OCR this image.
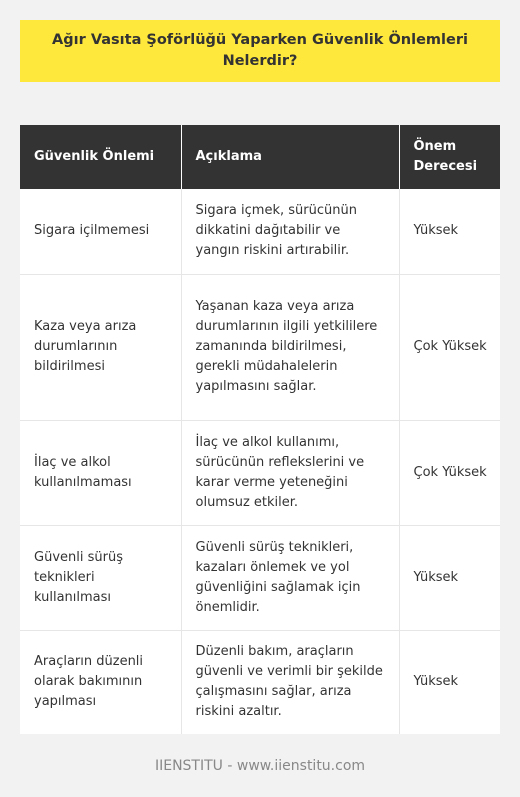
Ağır Vasıta Şoförlüğü Yaparken Güvenlik Önlemleri Nelerdir?
Güvenlik Önlemi	Açıklama	Önem Derecesi
Sigara içilmemesi	Sigara içmek, sürücünün dikkatini dağıtabilir ve yangın riskini artırabilir.	Yüksek
Kaza veya arıza durumlarının bildirilmesi	Yaşanan kaza veya arıza durumlarının ilgili yetkililere zamanında bildirilmesi, gerekli müdahalelerin yapılmasını sağlar.	Çok Yüksek
İlaç ve alkol kullanılmaması	İlaç ve alkol kullanımı, sürücünün reflekslerini ve karar verme yeteneğini olumsuz etkiler.	Çok Yüksek
Güvenli sürüş teknikleri kullanılması	Güvenli sürüş teknikleri, kazaları önlemek ve yol güvenliğini sağlamak için önemlidir.	Yüksek
Araçların düzenli olarak bakımının yapılması	Düzenli bakım, araçların güvenli ve verimli bir şekilde çalışmasını sağlar, arıza riskini azaltır.	Yüksek
IIENSTITU - www.iienstitu.com
